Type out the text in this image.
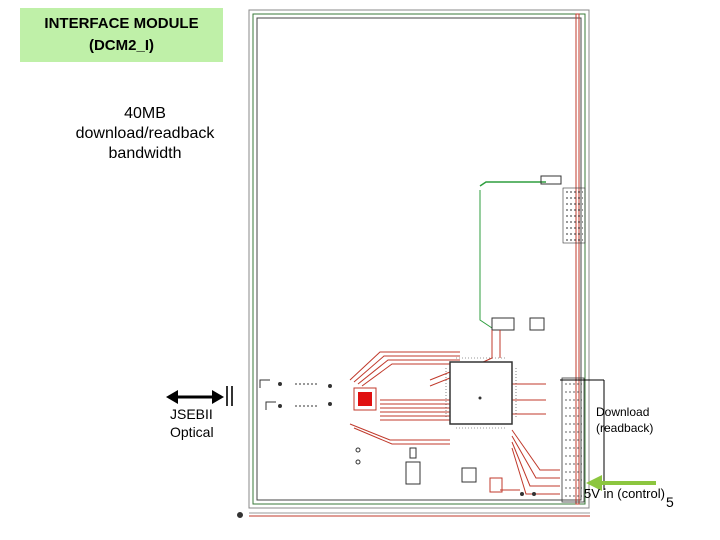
INTERFACE MODULE
(DCM2_I)
40MB
download/readback
bandwidth
JSEBII
Optical
Download
(readback)
5V in (control)
5
